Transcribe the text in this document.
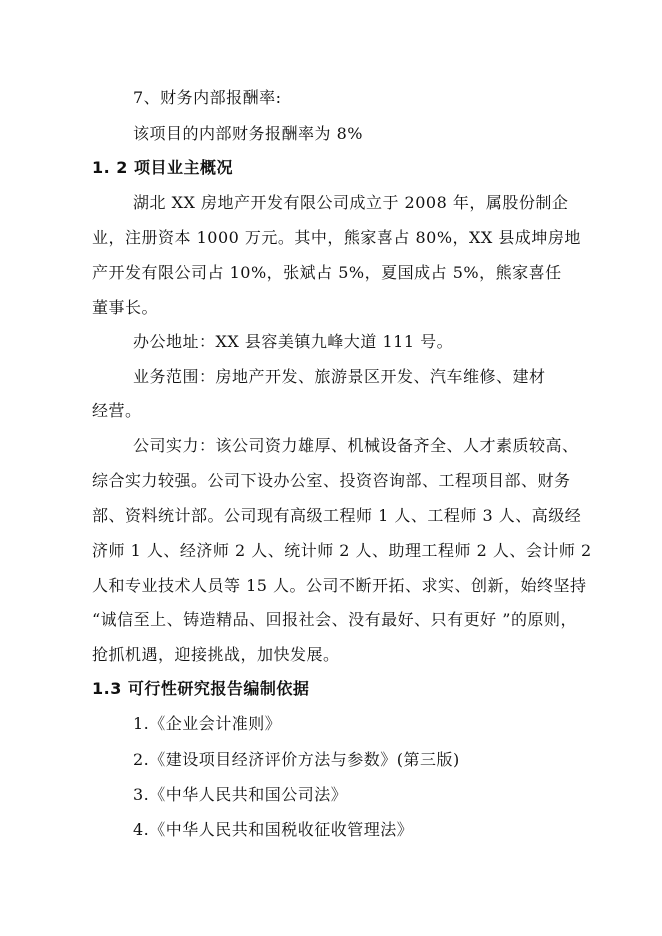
7、财务内部报酬率:
该项目的内部财务报酬率为 8%
1. 2 项目业主概况
湖北 XX 房地产开发有限公司成立于 2008 年，属股份制企
业，注册资本 1000 万元。其中，熊家喜占 80%，XX 县成坤房地
产开发有限公司占 10%，张斌占 5%，夏国成占 5%，熊家喜任
董事长。
办公地址：XX 县容美镇九峰大道 111 号。
业务范围：房地产开发、旅游景区开发、汽车维修、建材
经营。
公司实力：该公司资力雄厚、机械设备齐全、人才素质较高、
综合实力较强。公司下设办公室、投资咨询部、工程项目部、财务
部、资料统计部。公司现有高级工程师 1 人、工程师 3 人、高级经
济师 1 人、经济师 2 人、统计师 2 人、助理工程师 2 人、会计师 2
人和专业技术人员等 15 人。公司不断开拓、求实、创新，始终坚持
“诚信至上、铸造精品、回报社会、没有最好、只有更好 ”的原则，
抢抓机遇，迎接挑战，加快发展。
1.3 可行性研究报告编制依据
1.《企业会计准则》
2.《建设项目经济评价方法与参数》(第三版)
3.《中华人民共和国公司法》
4.《中华人民共和国税收征收管理法》
